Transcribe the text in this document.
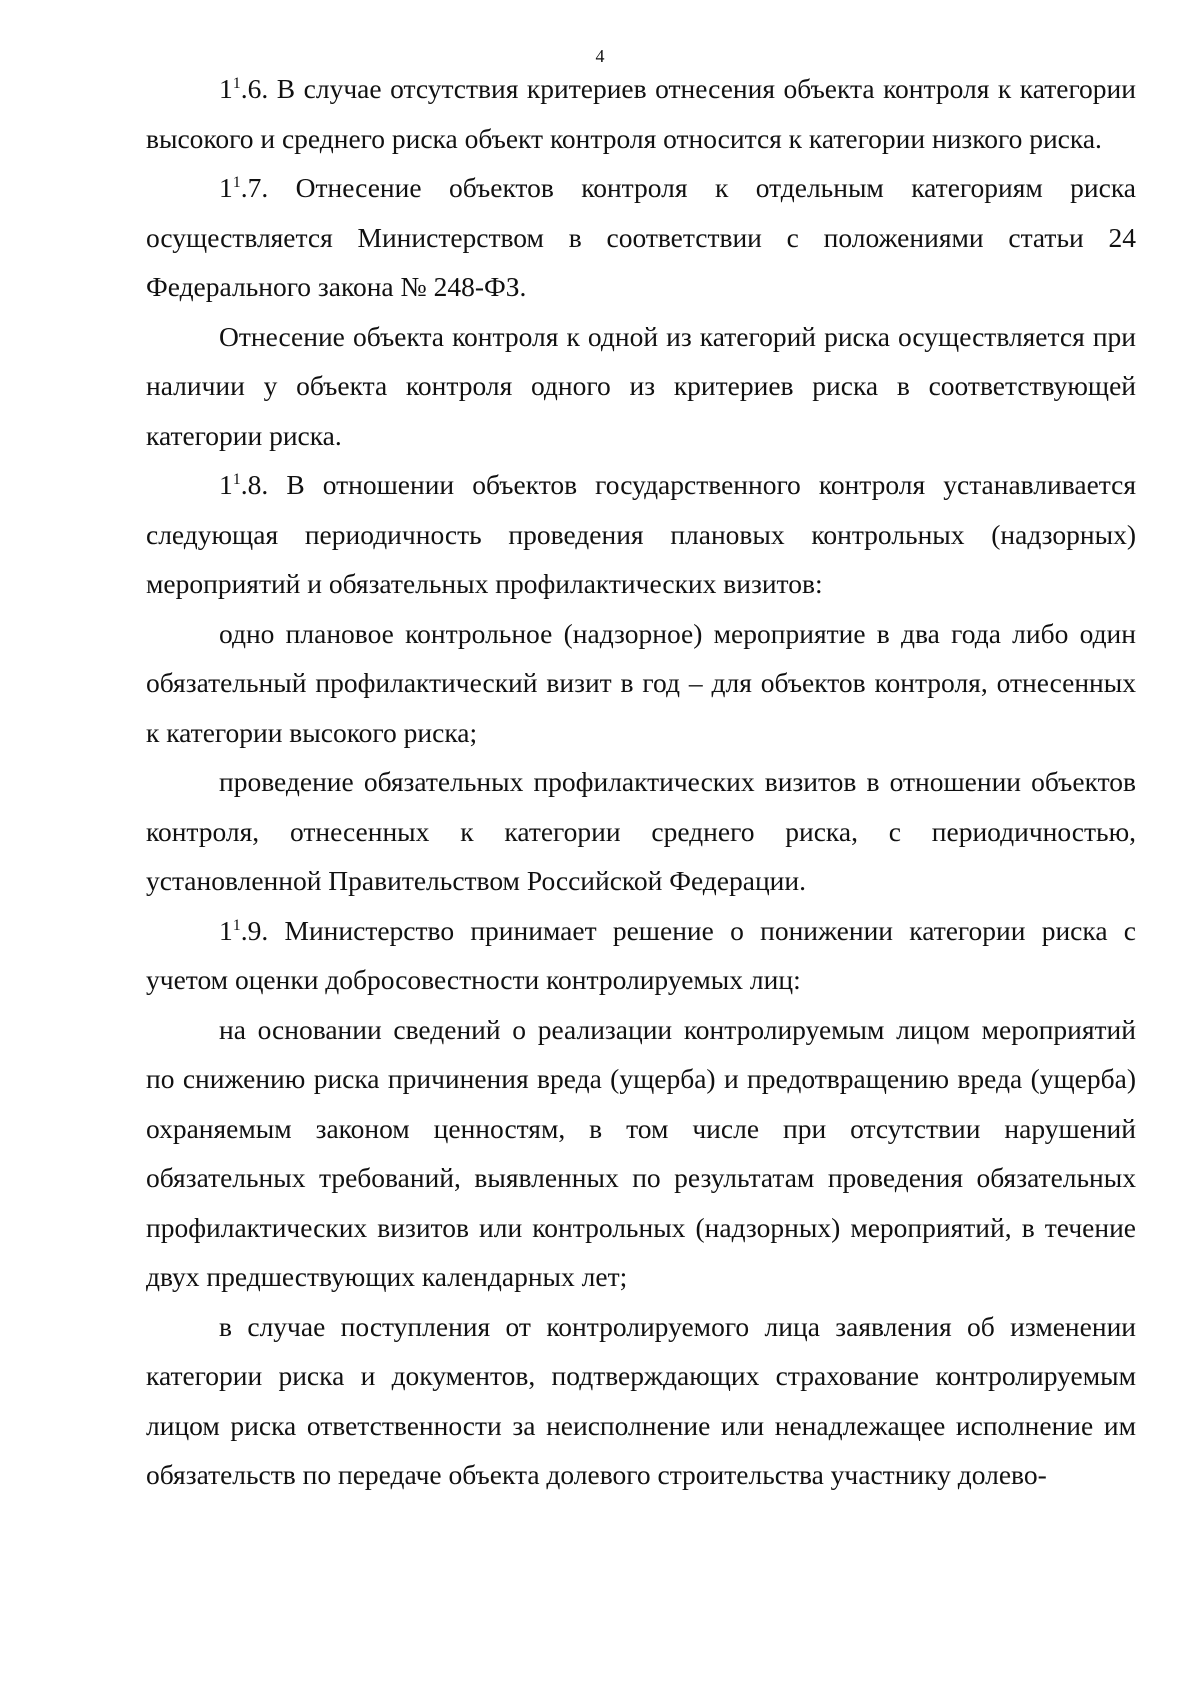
4

$1^1.6$. В случае отсутствия критериев отнесения объекта контроля к категории высокого и среднего риска объект контроля относится к категории низкого риска.

$1^1.7$. Отнесение объектов контроля к отдельным категориям риска осуществляется Министерством в соответствии с положениями статьи 24 Федерального закона № 248-ФЗ.

Отнесение объекта контроля к одной из категорий риска осуществляется при наличии у объекта контроля одного из критериев риска в соответствующей категории риска.

$1^1.8$. В отношении объектов государственного контроля устанавливается следующая периодичность проведения плановых контрольных (надзорных) мероприятий и обязательных профилактических визитов:

одно плановое контрольное (надзорное) мероприятие в два года либо один обязательный профилактический визит в год – для объектов контроля, отнесенных к категории высокого риска;

проведение обязательных профилактических визитов в отношении объектов контроля, отнесенных к категории среднего риска, с периодичностью, установленной Правительством Российской Федерации.

$1^1.9$. Министерство принимает решение о понижении категории риска с учетом оценки добросовестности контролируемых лиц:

на основании сведений о реализации контролируемым лицом мероприятий по снижению риска причинения вреда (ущерба) и предотвращению вреда (ущерба) охраняемым законом ценностям, в том числе при отсутствии нарушений обязательных требований, выявленных по результатам проведения обязательных профилактических визитов или контрольных (надзорных) мероприятий, в течение двух предшествующих календарных лет;

в случае поступления от контролируемого лица заявления об изменении категории риска и документов, подтверждающих страхование контролируемым лицом риска ответственности за неисполнение или ненадлежащее исполнение им обязательств по передаче объекта долевого строительства участнику долево-
